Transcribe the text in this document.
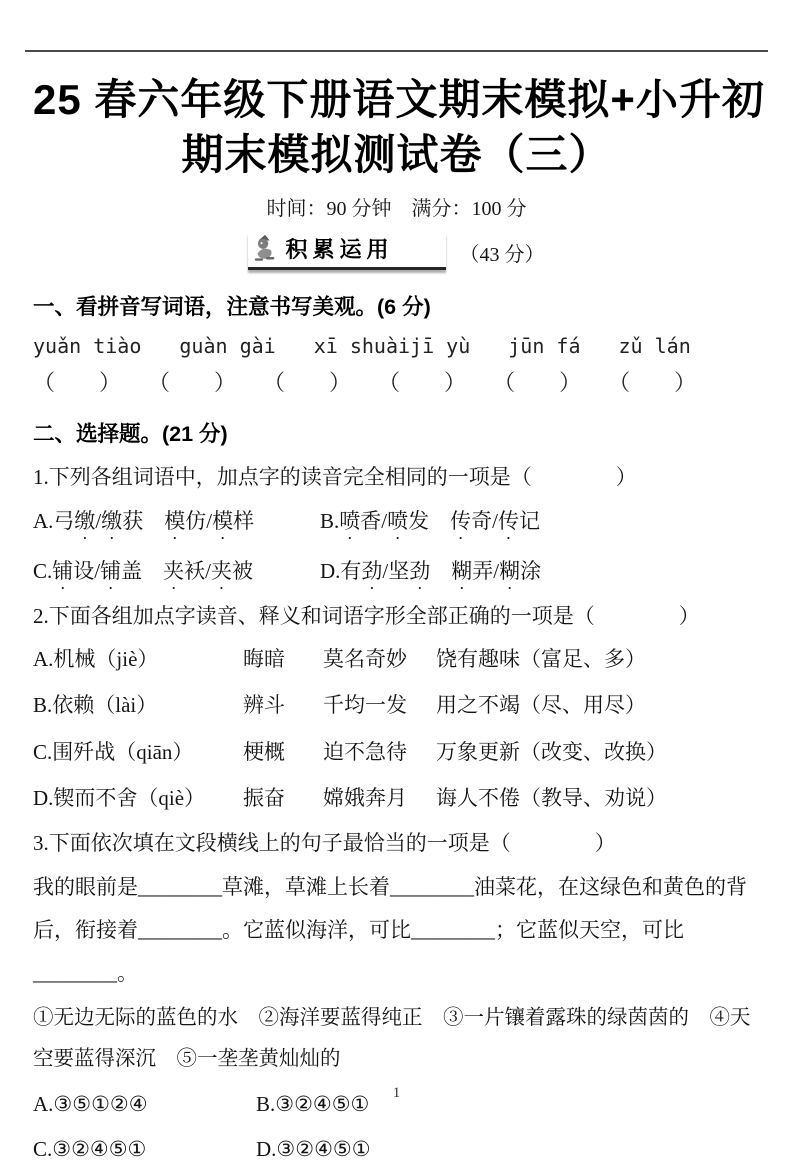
25 春六年级下册语文期末模拟+小升初
期末模拟测试卷（三）
时间：90 分钟　满分：100 分
积累运用	（43 分）
一、看拼音写词语，注意书写美观。(6 分)
yuǎn tiào guàn gài xī shuàijī yù jūn fá zǔ lán
（　　） （　　） （　　） （　　） （　　） （　　）
二、选择题。(21 分)

1.下列各组词语中，加点字的读音完全相同的一项是（　　　　）

A.弓缴/缴获　模仿/模样	B.喷香/喷发　传奇/传记
C.铺设/铺盖　夹袄/夹被	D.有劲/坚劲　 糊弄/糊涂

2.下面各组加点字读音、释义和词语字形全部正确的一项是（　　　　）

A.机械（jiè）	晦暗	莫名奇妙	饶有趣味（富足、多）
B.依赖（lài）	辨斗	千均一发	用之不竭（尽、用尽）
C.围歼战（qiān）	梗概	迫不急待	万象更新（改变、改换）
D.锲而不舍（qiè）	振奋	嫦娥奔月	诲人不倦（教导、劝说）

3.下面依次填在文段横线上的句子最恰当的一项是（　　　　）

我的眼前是________草滩，草滩上长着________油菜花，在这绿色和黄色的背后，衔接着________。它蓝似海洋，可比________；它蓝似天空，可比________。

①无边无际的蓝色的水　②海洋要蓝得纯正　③一片镶着露珠的绿茵茵的　④天空要蓝得深沉　⑤一垄垄黄灿灿的

A.③⑤①②④	B.③②④⑤①
C.③②④⑤①	D.③②④⑤①
1
